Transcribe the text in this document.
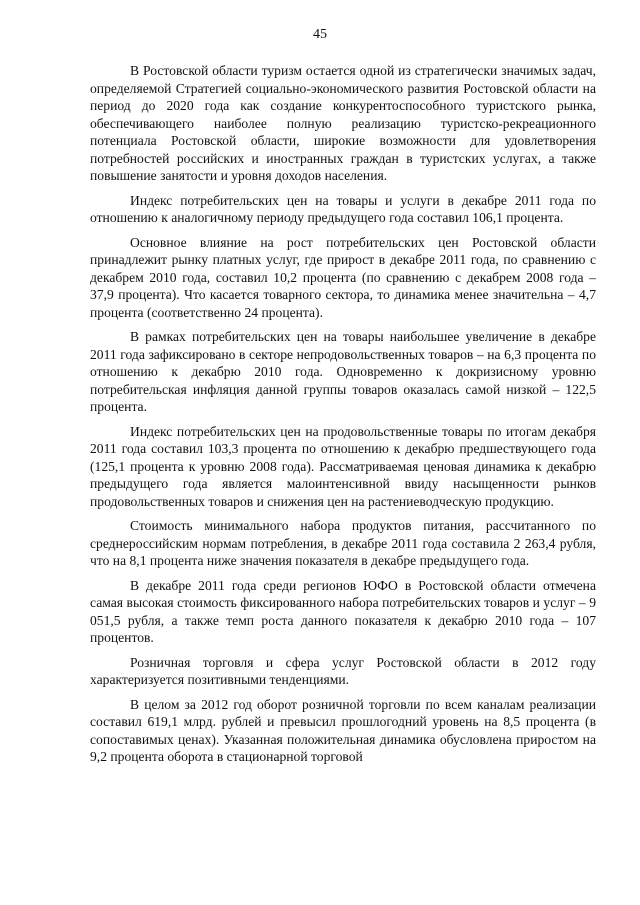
45

В Ростовской области туризм остается одной из стратегически значимых задач, определяемой Стратегией социально-экономического развития Ростовской области на период до 2020 года как создание конкурентоспособного туристского рынка, обеспечивающего наиболее полную реализацию туристско-рекреационного потенциала Ростовской области, широкие возможности для удовлетворения потребностей российских и иностранных граждан в туристских услугах, а также повышение занятости и уровня доходов населения.

Индекс потребительских цен на товары и услуги в декабре 2011 года по отношению к аналогичному периоду предыдущего года составил 106,1 процента.

Основное влияние на рост потребительских цен Ростовской области принадлежит рынку платных услуг, где прирост в декабре 2011 года, по сравнению с декабрем 2010 года, составил 10,2 процента (по сравнению с декабрем 2008 года – 37,9 процента). Что касается товарного сектора, то динамика менее значительна – 4,7 процента (соответственно 24 процента).

В рамках потребительских цен на товары наибольшее увеличение в декабре 2011 года зафиксировано в секторе непродовольственных товаров – на 6,3 процента по отношению к декабрю 2010 года. Одновременно к докризисному уровню потребительская инфляция данной группы товаров оказалась самой низкой – 122,5 процента.

Индекс потребительских цен на продовольственные товары по итогам декабря 2011 года составил 103,3 процента по отношению к декабрю предшествующего года (125,1 процента к уровню 2008 года). Рассматриваемая ценовая динамика к декабрю предыдущего года является малоинтенсивной ввиду насыщенности рынков продовольственных товаров и снижения цен на растениеводческую продукцию.

Стоимость минимального набора продуктов питания, рассчитанного по среднероссийским нормам потребления, в декабре 2011 года составила 2 263,4 рубля, что на 8,1 процента ниже значения показателя в декабре предыдущего года.

В декабре 2011 года среди регионов ЮФО в Ростовской области отмечена самая высокая стоимость фиксированного набора потребительских товаров и услуг – 9 051,5 рубля, а также темп роста данного показателя к декабрю 2010 года – 107 процентов.

Розничная торговля и сфера услуг Ростовской области в 2012 году характеризуется позитивными тенденциями.

В целом за 2012 год оборот розничной торговли по всем каналам реализации составил 619,1 млрд. рублей и превысил прошлогодний уровень на 8,5 процента (в сопоставимых ценах). Указанная положительная динамика обусловлена приростом на 9,2 процента оборота в стационарной торговой
